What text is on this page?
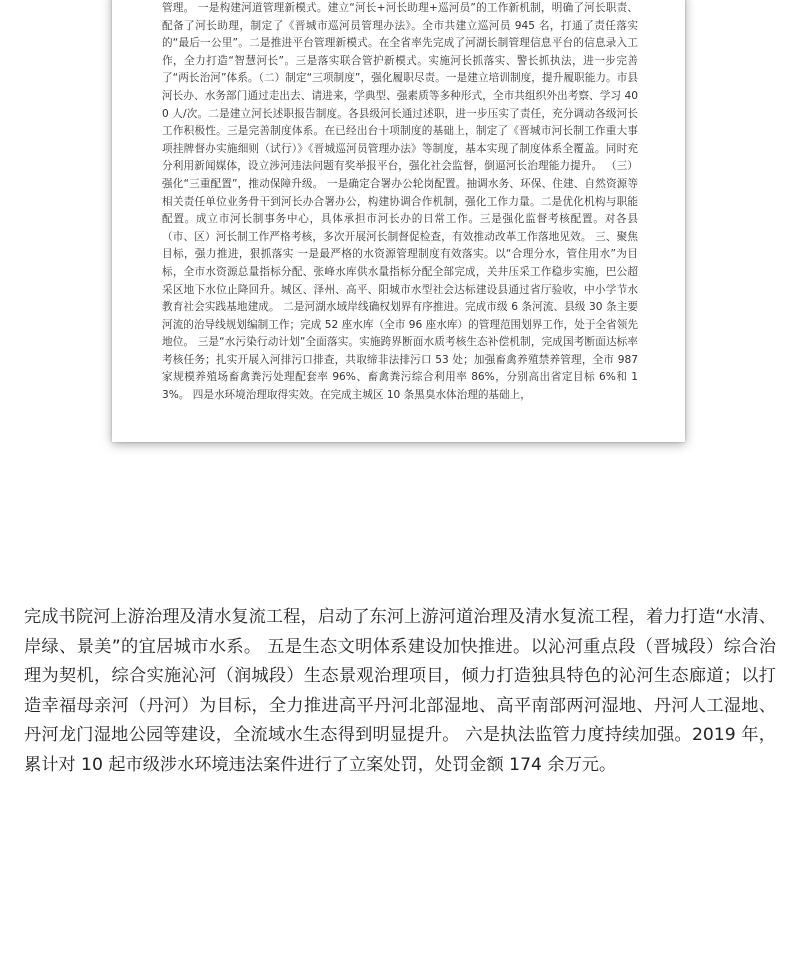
管理。 一是构建河道管理新模式。建立“河长+河长助理+巡河员”的工作新机制，明确了河长职责、配备了河长助理，制定了《晋城市巡河员管理办法》。全市共建立巡河员 945 名，打通了责任落实的“最后一公里”。二是推进平台管理新模式。在全省率先完成了河湖长制管理信息平台的信息录入工作，全力打造“智慧河长”。三是落实联合管护新模式。实施河长抓落实、警长抓执法，进一步完善了“两长治河”体系。（二）制定“三项制度”，强化履职尽责。一是建立培训制度，提升履职能力。市县河长办、水务部门通过走出去、请进来，学典型、强素质等多种形式，全市共组织外出考察、学习 400 人/次。二是建立河长述职报告制度。各县级河长通过述职，进一步压实了责任，充分调动各级河长工作积极性。三是完善制度体系。在已经出台十项制度的基础上，制定了《晋城市河长制工作重大事项挂牌督办实施细则（试行）》《晋城巡河员管理办法》等制度，基本实现了制度体系全覆盖。同时充分利用新闻媒体，设立涉河违法问题有奖举报平台，强化社会监督，倒逼河长治理能力提升。 （三）强化“三重配置”，推动保障升级。 一是确定合署办公轮岗配置。抽调水务、环保、住建、自然资源等相关责任单位业务骨干到河长办合署办公，构建协调合作机制，强化工作力量。二是优化机构与职能配置。成立市河长制事务中心，具体承担市河长办的日常工作。三是强化监督考核配置。对各县（市、区）河长制工作严格考核，多次开展河长制督促检查，有效推动改革工作落地见效。 三、聚焦目标，强力推进，狠抓落实 一是最严格的水资源管理制度有效落实。以“合理分水，管住用水”为目标，全市水资源总量指标分配、张峰水库供水量指标分配全部完成，关井压采工作稳步实施，巴公超采区地下水位止降回升。城区、泽州、高平、阳城市水型社会达标建设县通过省厅验收，中小学节水教育社会实践基地建成。 二是河湖水域岸线确权划界有序推进。完成市级 6 条河流、县级 30 条主要河流的治导线规划编制工作；完成 52 座水库（全市 96 座水库）的管理范围划界工作，处于全省领先地位。 三是“水污染行动计划”全面落实。实施跨界断面水质考核生态补偿机制，完成国考断面达标率考核任务；扎实开展入河排污口排查，共取缔非法排污口 53 处；加强畜禽养殖禁养管理，全市 987 家规模养殖场畜禽粪污处理配套率 96%、畜禽粪污综合利用率 86%，分别高出省定目标 6%和 13%。 四是水环境治理取得实效。在完成主城区 10 条黑臭水体治理的基础上，

完成书院河上游治理及清水复流工程，启动了东河上游河道治理及清水复流工程，着力打造“水清、岸绿、景美”的宜居城市水系。 五是生态文明体系建设加快推进。以沁河重点段（晋城段）综合治理为契机，综合实施沁河（润城段）生态景观治理项目，倾力打造独具特色的沁河生态廊道；以打造幸福母亲河（丹河）为目标，全力推进高平丹河北部湿地、高平南部两河湿地、丹河人工湿地、丹河龙门湿地公园等建设，全流域水生态得到明显提升。 六是执法监管力度持续加强。2019 年，累计对 10 起市级涉水环境违法案件进行了立案处罚，处罚金额 174 余万元。
